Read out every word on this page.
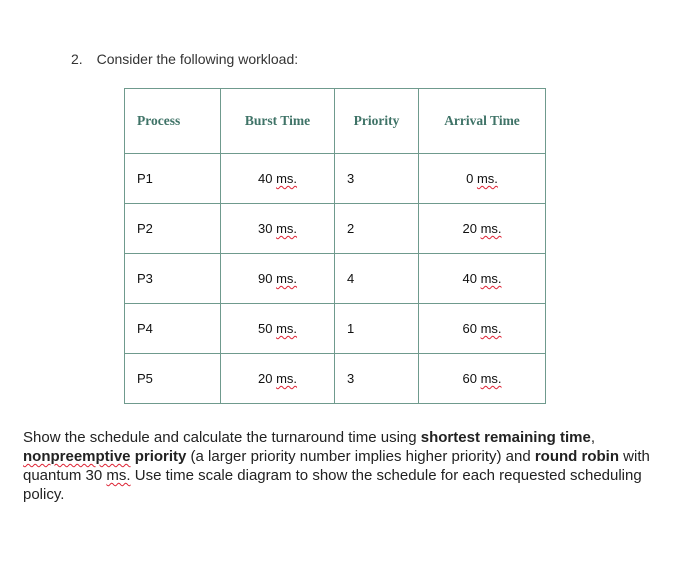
2. Consider the following workload:
Process	Burst Time	Priority	Arrival Time
P1	40 ms.	3	0 ms.
P2	30 ms.	2	20 ms.
P3	90 ms.	4	40 ms.
P4	50 ms.	1	60 ms.
P5	20 ms.	3	60 ms.
Show the schedule and calculate the turnaround time using shortest remaining time, nonpreemptive priority (a larger priority number implies higher priority) and round robin with quantum 30 ms. Use time scale diagram to show the schedule for each requested scheduling policy.
